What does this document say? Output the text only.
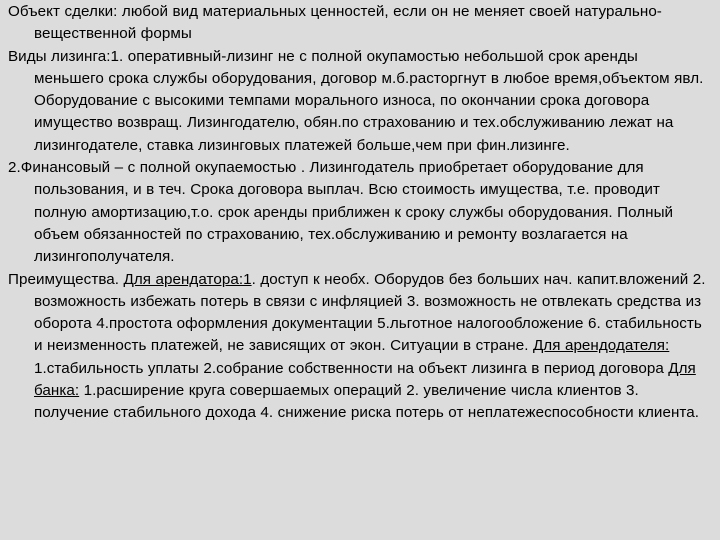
Объект сделки: любой вид материальных ценностей, если он не меняет своей натурально-вещественной формы

Виды лизинга:1. оперативный-лизинг не с полной окупамостью небольшой срок аренды меньшего срока службы оборудования, договор м.б.расторгнут в любое время,объектом явл. Оборудование с высокими темпами морального износа, по окончании срока договора имущество возвращ. Лизингодателю, обян.по страхованию и тех.обслуживанию лежат на лизингодателе, ставка лизинговых платежей больше,чем при фин.лизинге.

2.Финансовый – с полной окупаемостью . Лизингодатель приобретает оборудование для пользования, и в теч. Срока договора выплач. Всю стоимость имущества, т.е. проводит полную амортизацию,т.о. срок аренды приближен к сроку службы оборудования. Полный объем обязанностей по страхованию, тех.обслуживанию и ремонту возлагается на лизингополучателя.

Преимущества. Для арендатора:1. доступ к необх. Оборудов без больших нач. капит.вложений 2. возможность избежать потерь в связи с инфляцией 3. возможность не отвлекать средства из оборота 4.простота оформления документации 5.льготное налогообложение 6. стабильность и неизменность платежей, не зависящих от экон. Ситуации в стране. Для арендодателя: 1.стабильность уплаты 2.собрание собственности на объект лизинга в период договора Для банка: 1.расширение круга совершаемых операций 2. увеличение числа клиентов 3. получение стабильного дохода 4. снижение риска потерь от неплатежеспособности клиента.
